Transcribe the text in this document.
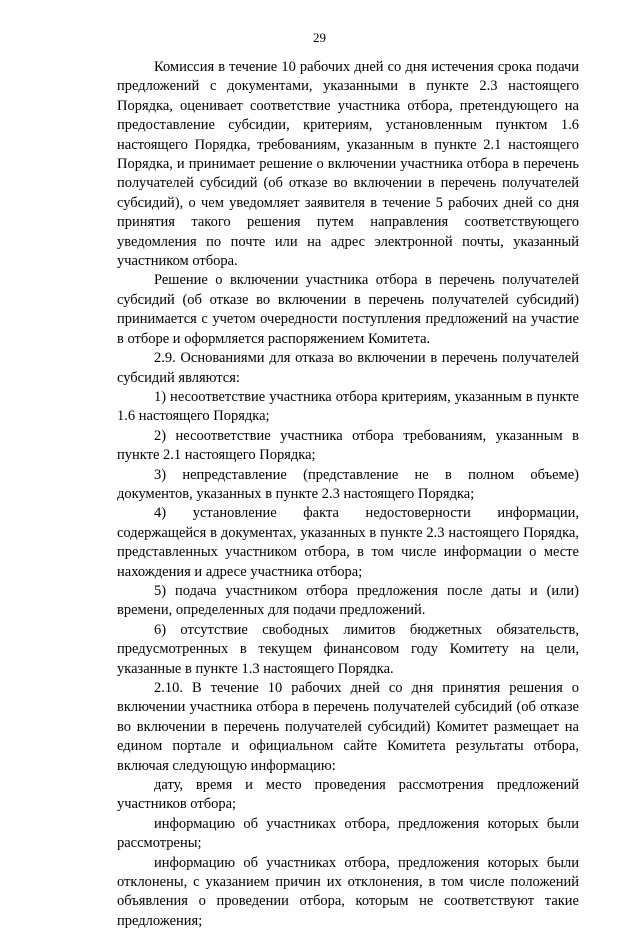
29

Комиссия в течение 10 рабочих дней со дня истечения срока подачи предложений с документами, указанными в пункте 2.3 настоящего Порядка, оценивает соответствие участника отбора, претендующего на предоставление субсидии, критериям, установленным пунктом 1.6 настоящего Порядка, требованиям, указанным в пункте 2.1 настоящего Порядка, и принимает решение о включении участника отбора в перечень получателей субсидий (об отказе во включении в перечень получателей субсидий), о чем уведомляет заявителя в течение 5 рабочих дней со дня принятия такого решения путем направления соответствующего уведомления по почте или на адрес электронной почты, указанный участником отбора.

Решение о включении участника отбора в перечень получателей субсидий (об отказе во включении в перечень получателей субсидий) принимается с учетом очередности поступления предложений на участие в отборе и оформляется распоряжением Комитета.

2.9. Основаниями для отказа во включении в перечень получателей субсидий являются:

1) несоответствие участника отбора критериям, указанным в пункте 1.6 настоящего Порядка;

2) несоответствие участника отбора требованиям, указанным в пункте 2.1 настоящего Порядка;

3) непредставление (представление не в полном объеме) документов, указанных в пункте 2.3 настоящего Порядка;

4) установление факта недостоверности информации, содержащейся в документах, указанных в пункте 2.3 настоящего Порядка, представленных участником отбора, в том числе информации о месте нахождения и адресе участника отбора;

5) подача участником отбора предложения после даты и (или) времени, определенных для подачи предложений.

6) отсутствие свободных лимитов бюджетных обязательств, предусмотренных в текущем финансовом году Комитету на цели, указанные в пункте 1.3 настоящего Порядка.

2.10. В течение 10 рабочих дней со дня принятия решения о включении участника отбора в перечень получателей субсидий (об отказе во включении в перечень получателей субсидий) Комитет размещает на едином портале и официальном сайте Комитета результаты отбора, включая следующую информацию:

дату, время и место проведения рассмотрения предложений участников отбора;

информацию об участниках отбора, предложения которых были рассмотрены;

информацию об участниках отбора, предложения которых были отклонены, с указанием причин их отклонения, в том числе положений объявления о проведении отбора, которым не соответствуют такие предложения;
